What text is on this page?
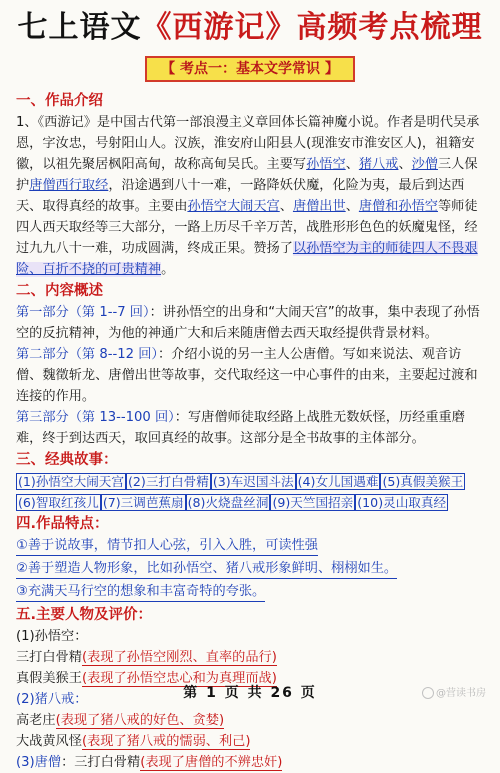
七上语文《西游记》高频考点梳理
【 考点一：基本文学常识 】
一、作品介绍
1、《西游记》是中国古代第一部浪漫主义章回体长篇神魔小说。作者是明代吴承恩，字汝忠，号射阳山人。汉族，淮安府山阳县人(现淮安市淮安区人)，祖籍安徽，以祖先聚居枫阳高甸，故称高甸吴氏。主要写孙悟空、猪八戒、沙僧三人保护唐僧西行取经，沿途遇到八十一难，一路降妖伏魔，化险为夷，最后到达西天、取得真经的故事。主要由孙悟空大闹天宫、唐僧出世、唐僧和孙悟空等师徒四人西天取经等三大部分，一路上历尽千辛万苦，战胜形形色色的妖魔鬼怪，经过九九八十一难，功成圆满，终成正果。赞扬了以孙悟空为主的师徒四人不畏艰险、百折不挠的可贵精神。
二、内容概述
第一部分（第 1--7 回）：讲孙悟空的出身和“大闹天宫”的故事，集中表现了孙悟空的反抗精神，为他的神通广大和后来随唐僧去西天取经提供背景材料。
第二部分（第 8--12 回）：介绍小说的另一主人公唐僧。写如来说法、观音访僧、魏徵斩龙、唐僧出世等故事，交代取经这一中心事件的由来，主要起过渡和连接的作用。
第三部分（第 13--100 回）：写唐僧师徒取经路上战胜无数妖怪，历经重重磨难，终于到达西天，取回真经的故事。这部分是全书故事的主体部分。
三、经典故事：
(1)孙悟空大闹天宫 (2)三打白骨精 (3)车迟国斗法 (4)女儿国遇难 (5)真假美猴王
(6)智取红孩儿 (7)三调芭蕉扇 (8)火烧盘丝洞 (9)天竺国招亲 (10)灵山取真经
四.作品特点：
①善于说故事，情节扣人心弦，引入入胜，可读性强
②善于塑造人物形象，比如孙悟空、猪八戒形象鲜明、栩栩如生。
③充满天马行空的想象和丰富奇特的夸张。
五.主要人物及评价：
(1)孙悟空：
三打白骨精(表现了孙悟空刚烈、直率的品行)
真假美猴王(表现了孙悟空忠心和为真理而战)
(2)猪八戒：
高老庄(表现了猪八戒的好色、贪婪)
大战黄风怪(表现了猪八戒的懦弱、利己)
(3)唐僧：三打白骨精(表现了唐僧的不辨忠奸)
第 1 页 共 26 页	@营读书房
